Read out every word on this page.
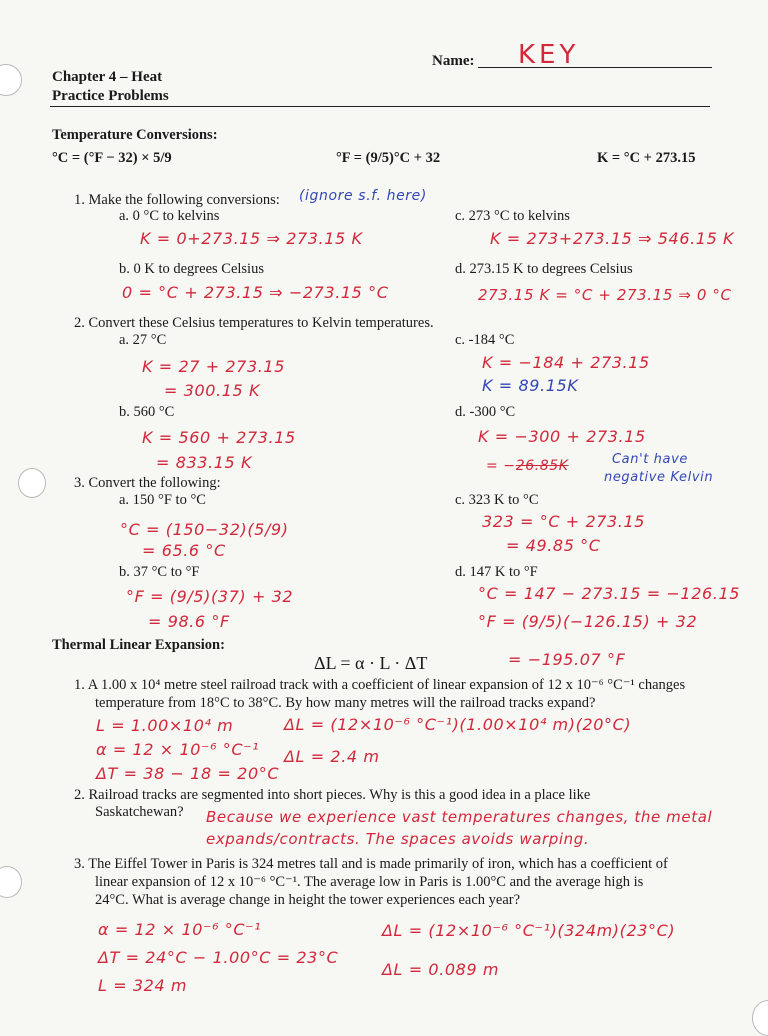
Name: KEY
Chapter 4 – Heat
Practice Problems
Temperature Conversions:
°C = (°F − 32) × 5/9	°F = (9/5)°C + 32	K = °C + 273.15
1. Make the following conversions: (ignore s.f. here)
a. 0 °C to kelvins
K = 0+273.15 ⇒ 273.15 K
c. 273 °C to kelvins
K = 273+273.15 ⇒ 546.15 K
b. 0 K to degrees Celsius
0 = °C + 273.15 ⇒ −273.15 °C
d. 273.15 K to degrees Celsius
273.15 K = °C + 273.15 ⇒ 0 °C
2. Convert these Celsius temperatures to Kelvin temperatures.
a. 27 °C
K = 27 + 273.15
= 300.15 K
c. -184 °C
K = −184 + 273.15
K = 89.15K
b. 560 °C
K = 560 + 273.15
= 833.15 K
d. -300 °C
K = −300 + 273.15
= −26.85K	Can't have
negative Kelvin
3. Convert the following:
a. 150 °F to °C
°C = (150−32)(5/9)
= 65.6 °C
c. 323 K to °C
323 = °C + 273.15
= 49.85 °C
b. 37 °C to °F
°F = (9/5)(37) + 32
= 98.6 °F
d. 147 K to °F
°C = 147 − 273.15 = −126.15
°F = (9/5)(−126.15) + 32
= −195.07 °F
Thermal Linear Expansion:
ΔL = α · L · ΔT
1. A 1.00 x 10⁴ metre steel railroad track with a coefficient of linear expansion of 12 x 10⁻⁶ °C⁻¹ changes
temperature from 18°C to 38°C. By how many metres will the railroad tracks expand?
L = 1.00×10⁴ m
α = 12 × 10⁻⁶ °C⁻¹
ΔT = 38 − 18 = 20°C
ΔL = (12×10⁻⁶ °C⁻¹)(1.00×10⁴ m)(20°C)
ΔL = 2.4 m
2. Railroad tracks are segmented into short pieces. Why is this a good idea in a place like
Saskatchewan? Because we experience vast temperatures changes, the metal
expands/contracts. The spaces avoids warping.
3. The Eiffel Tower in Paris is 324 metres tall and is made primarily of iron, which has a coefficient of
linear expansion of 12 x 10⁻⁶ °C⁻¹. The average low in Paris is 1.00°C and the average high is
24°C. What is average change in height the tower experiences each year?
α = 12 × 10⁻⁶ °C⁻¹
ΔT = 24°C − 1.00°C = 23°C
L = 324 m
ΔL = (12×10⁻⁶ °C⁻¹)(324m)(23°C)
ΔL = 0.089 m
